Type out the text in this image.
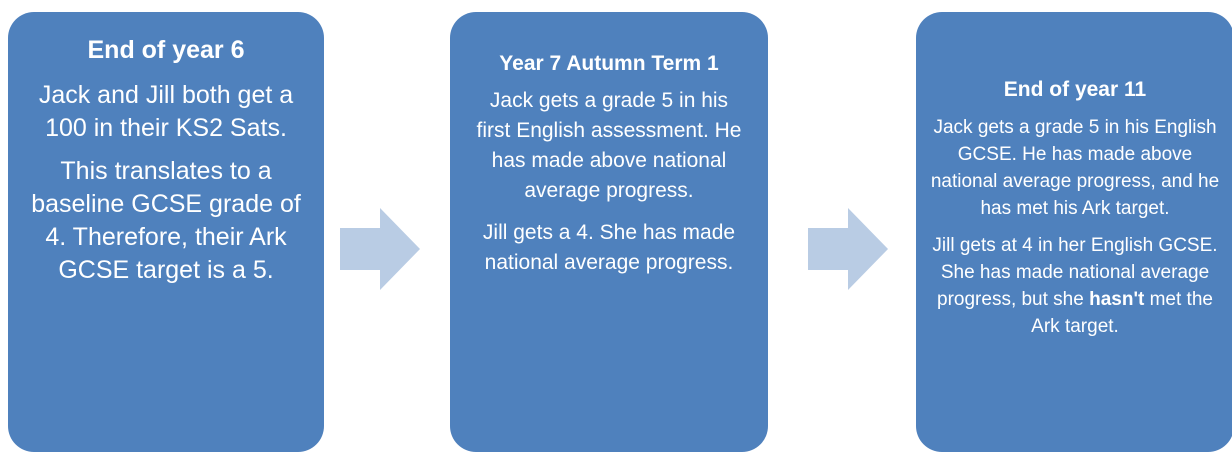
End of year 6
Jack and Jill both get a 100 in their KS2 Sats.
This translates to a baseline GCSE grade of 4. Therefore, their Ark GCSE target is a 5.
Year 7 Autumn Term 1
Jack gets a grade 5 in his first English assessment. He has made above national average progress.
Jill gets a 4. She has made national average progress.
End of year 11
Jack gets a grade 5 in his English GCSE. He has made above national average progress, and he has met his Ark target.
Jill gets at 4 in her English GCSE. She has made national average progress, but she hasn't met the Ark target.
